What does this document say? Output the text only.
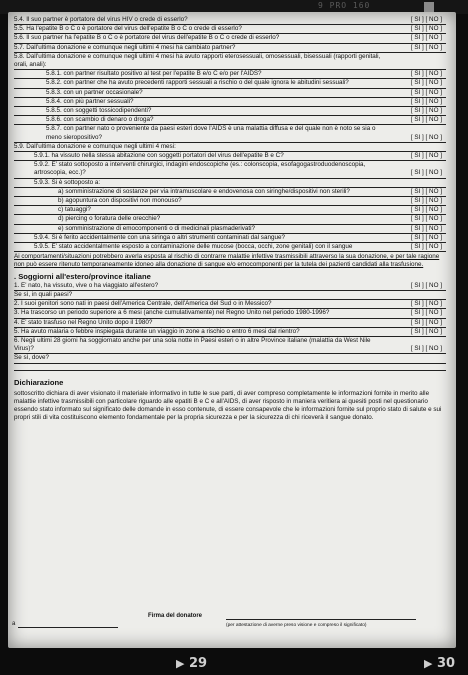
9 PRO 160
5.4. Il suo partner è portatore del virus HIV o crede di esserlo?	[ SI ] [ NO ]
5.5. Ha l'epatite B o C o è portatore del virus dell'epatite B o C o crede di esserlo?	[ SI ] [ NO ]
5.6. Il suo partner ha l'epatite B o C o è portatore del virus dell'epatite B o C o crede di esserlo?	[ SI ] [ NO ]
5.7. Dall'ultima donazione e comunque negli ultimi 4 mesi ha cambiato partner?	[ SI ] [ NO ]
5.8. Dall'ultima donazione e comunque negli ultimi 4 mesi ha avuto rapporti eterosessuali, omosessuali, bisessuali (rapporti genitali, orali, anali):
5.8.1. con partner risultato positivo al test per l'epatite B e/o C e/o per l'AIDS?	[ SI ] [ NO ]
5.8.2. con partner che ha avuto precedenti rapporti sessuali a rischio o del quale ignora le abitudini sessuali?	[ SI ] [ NO ]
5.8.3. con un partner occasionale?	[ SI ] [ NO ]
5.8.4. con più partner sessuali?	[ SI ] [ NO ]
5.8.5. con soggetti tossicodipendenti?	[ SI ] [ NO ]
5.8.6. con scambio di denaro o droga?	[ SI ] [ NO ]
5.8.7. con partner nato o proveniente da paesi esteri dove l'AIDS è una malattia diffusa e del quale non è noto se sia o meno sieropositivo?	[ SI ] [ NO ]
5.9. Dall'ultima donazione e comunque negli ultimi 4 mesi:
5.9.1. ha vissuto nella stessa abitazione con soggetti portatori del virus dell'epatite B e C?	[ SI ] [ NO ]
5.9.2. E' stato sottoposto a interventi chirurgici, indagini endoscopiche (es.: colonscopia, esofagogastroduodenoscopia, artroscopia, ecc.)?	[ SI ] [ NO ]
5.9.3. Si è sottoposto a:
a) somministrazione di sostanze per via intramuscolare e endovenosa con siringhe/dispositivi non sterili?	[ SI ] [ NO ]
b) agopuntura con dispositivi non monouso?	[ SI ] [ NO ]
c) tatuaggi?	[ SI ] [ NO ]
d) piercing o foratura delle orecchie?	[ SI ] [ NO ]
e) somministrazione di emocomponenti o di medicinali plasmaderivati?	[ SI ] [ NO ]
5.9.4. Si è ferito accidentalmente con una siringa o altri strumenti contaminati dal sangue?	[ SI ] [ NO ]
5.9.5. E' stato accidentalmente esposto a contaminazione delle mucose (bocca, occhi, zone genitali) con il sangue	[ SI ] [ NO ]
Ai comportamenti/situazioni potrebbero averla esposta al rischio di contrarre malattie infettive trasmissibili attraverso la sua donazione, e per tale ragione non può essere ritenuto temporaneamente idoneo alla donazione di sangue e/o emocomponenti per la tutela dei pazienti candidati alla trasfusione.
. Soggiorni all'estero/province italiane
1. E' nato, ha vissuto, vive o ha viaggiato all'estero?	[ SI ] [ NO ]
Se sì, in quali paesi?
2. I suoi genitori sono nati in paesi dell'America Centrale, dell'America del Sud o in Messico?	[ SI ] [ NO ]
3. Ha trascorso un periodo superiore a 6 mesi (anche cumulativamente) nel Regno Unito nel periodo 1980-1996?	[ SI ] [ NO ]
4. E' stato trasfuso nel Regno Unito dopo il 1980?	[ SI ] [ NO ]
5. Ha avuto malaria o febbre inspiegata durante un viaggio in zone a rischio o entro 6 mesi dal rientro?	[ SI ] [ NO ]
6. Negli ultimi 28 giorni ha soggiornato anche per una sola notte in Paesi esteri o in altre Province italiane (malattia da West Nile Virus)?	[ SI ] [ NO ]
Se sì, dove?
Dichiarazione
sottoscritto dichiara di aver visionato il materiale informativo in tutte le sue parti, di aver compreso completamente le informazioni fornite in merito alle malattie infettive trasmissibili con particolare riguardo alle epatiti B e C e all'AIDS, di aver risposto in maniera veritiera ai quesiti posti nel questionario essendo stato informato sul significato delle domande in esso contenute, di essere consapevole che le informazioni fornite sul proprio stato di salute e sui propri stili di vita costituiscono elemento fondamentale per la propria sicurezza e per la sicurezza di chi riceverà il sangue donato.
Firma del donatore
(per attestazione di averne preso visione e compreso il significato)
a
▶ 29	▶ 30
